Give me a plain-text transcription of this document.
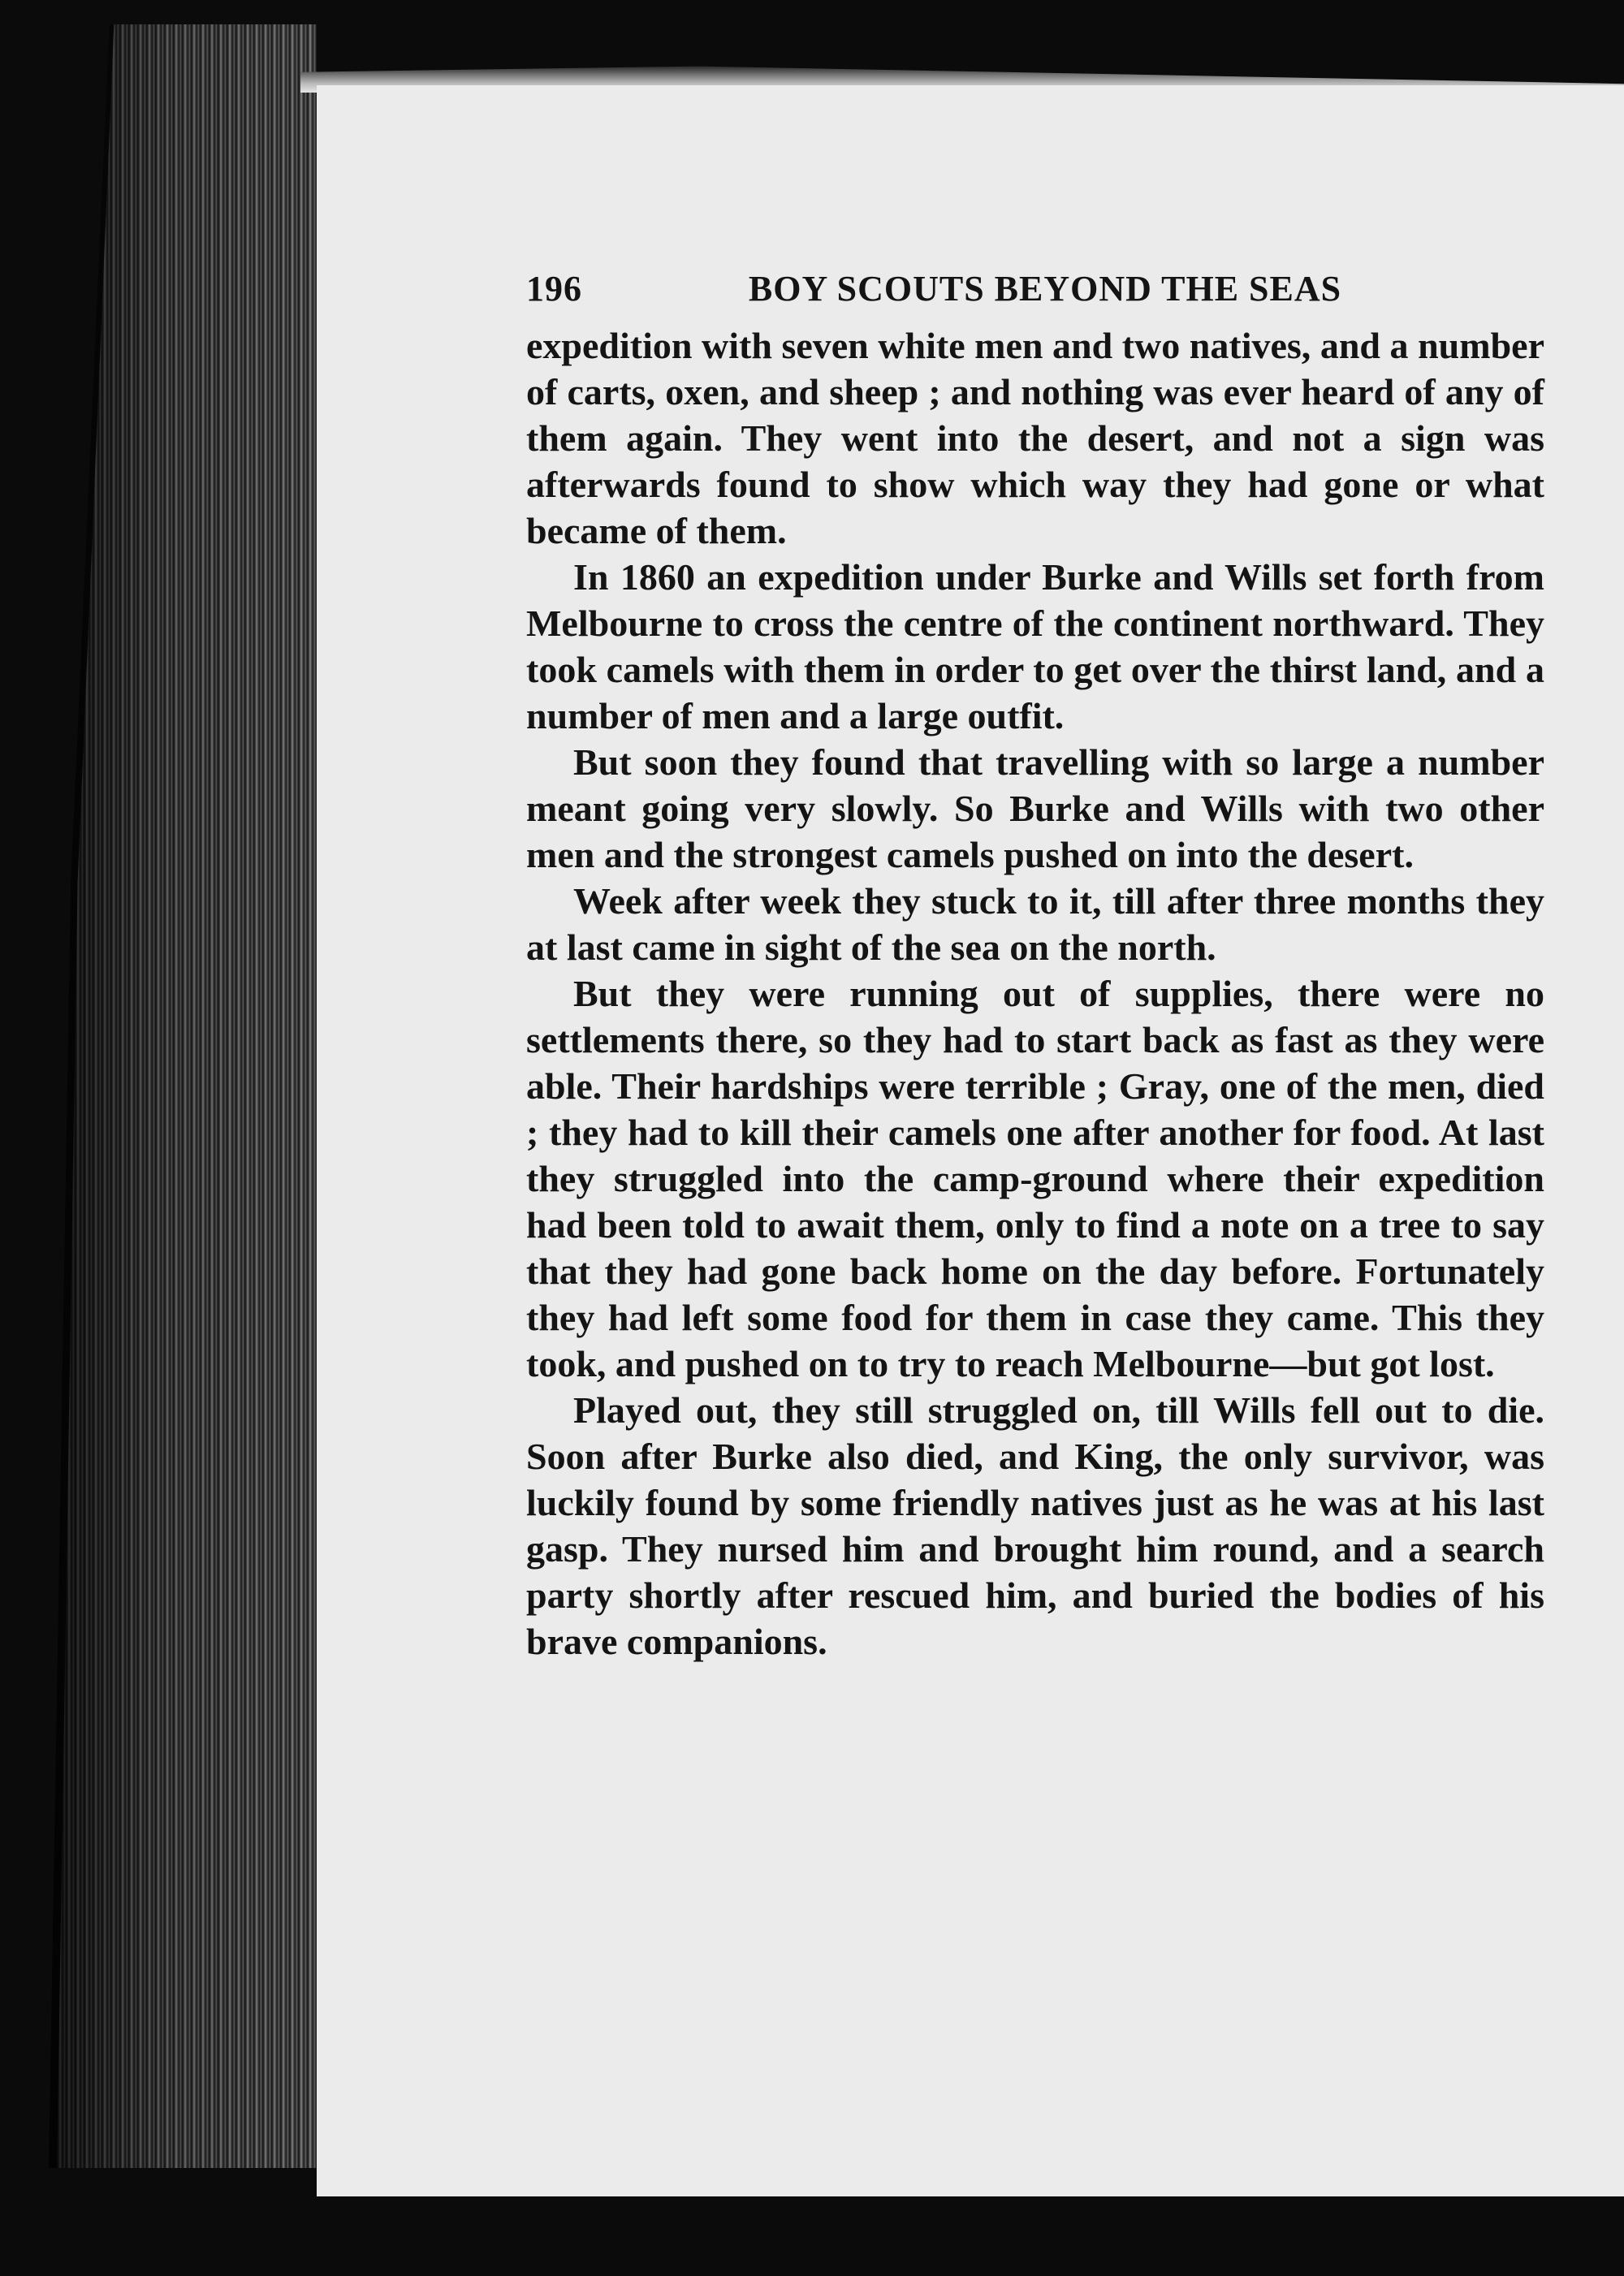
196	BOY SCOUTS BEYOND THE SEAS

expedition with seven white men and two natives, and a number of carts, oxen, and sheep ; and nothing was ever heard of any of them again. They went into the desert, and not a sign was afterwards found to show which way they had gone or what became of them.

In 1860 an expedition under Burke and Wills set forth from Melbourne to cross the centre of the continent northward. They took camels with them in order to get over the thirst land, and a number of men and a large outfit.

But soon they found that travelling with so large a number meant going very slowly. So Burke and Wills with two other men and the strongest camels pushed on into the desert.

Week after week they stuck to it, till after three months they at last came in sight of the sea on the north.

But they were running out of supplies, there were no settlements there, so they had to start back as fast as they were able. Their hardships were terrible ; Gray, one of the men, died ; they had to kill their camels one after another for food. At last they struggled into the camp-ground where their expedition had been told to await them, only to find a note on a tree to say that they had gone back home on the day before. Fortunately they had left some food for them in case they came. This they took, and pushed on to try to reach Melbourne—but got lost.

Played out, they still struggled on, till Wills fell out to die. Soon after Burke also died, and King, the only survivor, was luckily found by some friendly natives just as he was at his last gasp. They nursed him and brought him round, and a search party shortly after rescued him, and buried the bodies of his brave companions.
